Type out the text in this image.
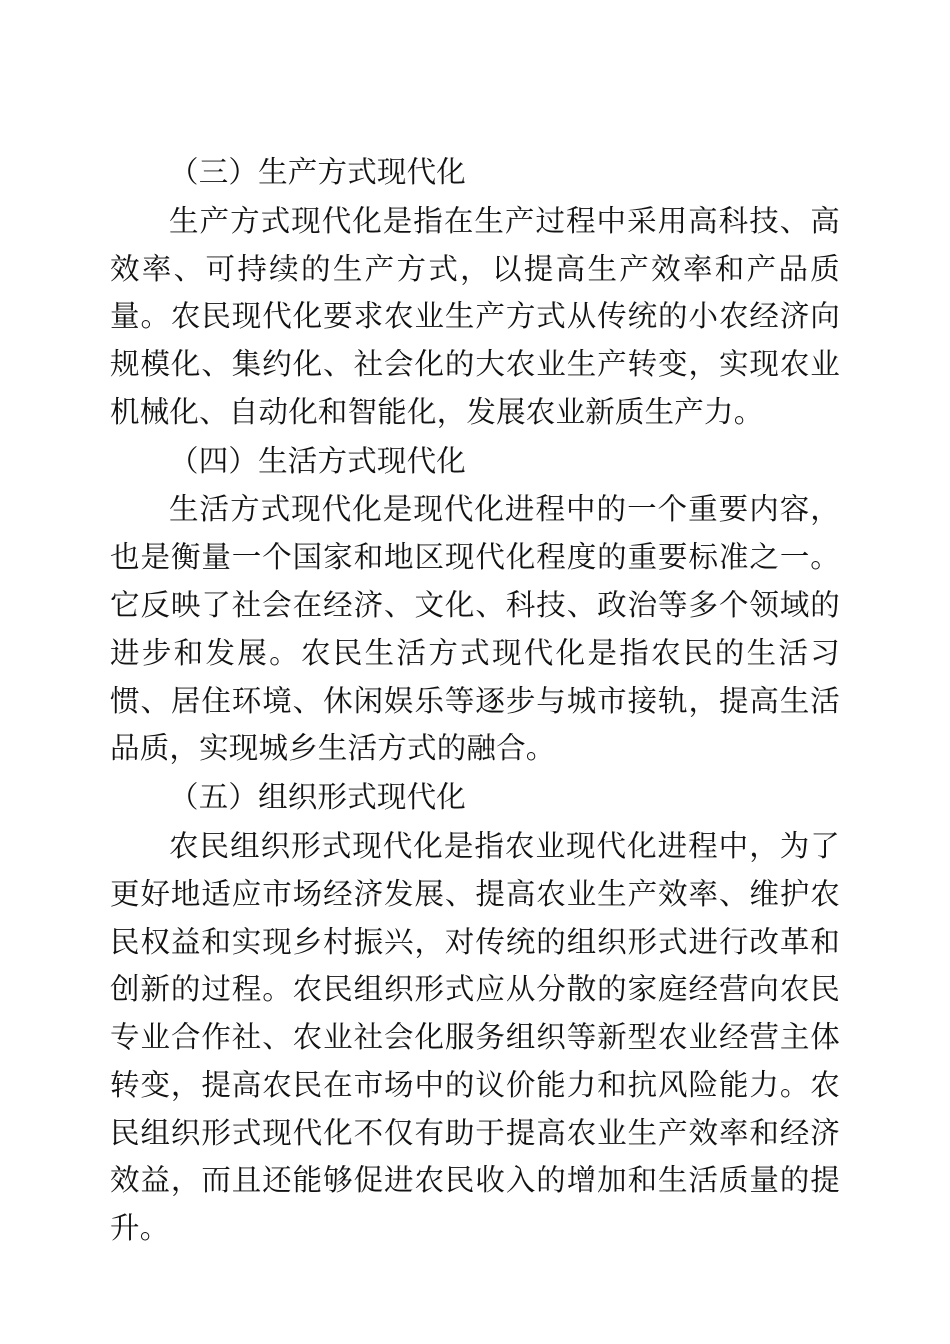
（三）生产方式现代化

生产方式现代化是指在生产过程中采用高科技、高效率、可持续的生产方式，以提高生产效率和产品质量。农民现代化要求农业生产方式从传统的小农经济向规模化、集约化、社会化的大农业生产转变，实现农业机械化、自动化和智能化，发展农业新质生产力。

（四）生活方式现代化

生活方式现代化是现代化进程中的一个重要内容，也是衡量一个国家和地区现代化程度的重要标准之一。它反映了社会在经济、文化、科技、政治等多个领域的进步和发展。农民生活方式现代化是指农民的生活习惯、居住环境、休闲娱乐等逐步与城市接轨，提高生活品质，实现城乡生活方式的融合。

（五）组织形式现代化

农民组织形式现代化是指农业现代化进程中，为了更好地适应市场经济发展、提高农业生产效率、维护农民权益和实现乡村振兴，对传统的组织形式进行改革和创新的过程。农民组织形式应从分散的家庭经营向农民专业合作社、农业社会化服务组织等新型农业经营主体转变，提高农民在市场中的议价能力和抗风险能力。农民组织形式现代化不仅有助于提高农业生产效率和经济效益，而且还能够促进农民收入的增加和生活质量的提升。
